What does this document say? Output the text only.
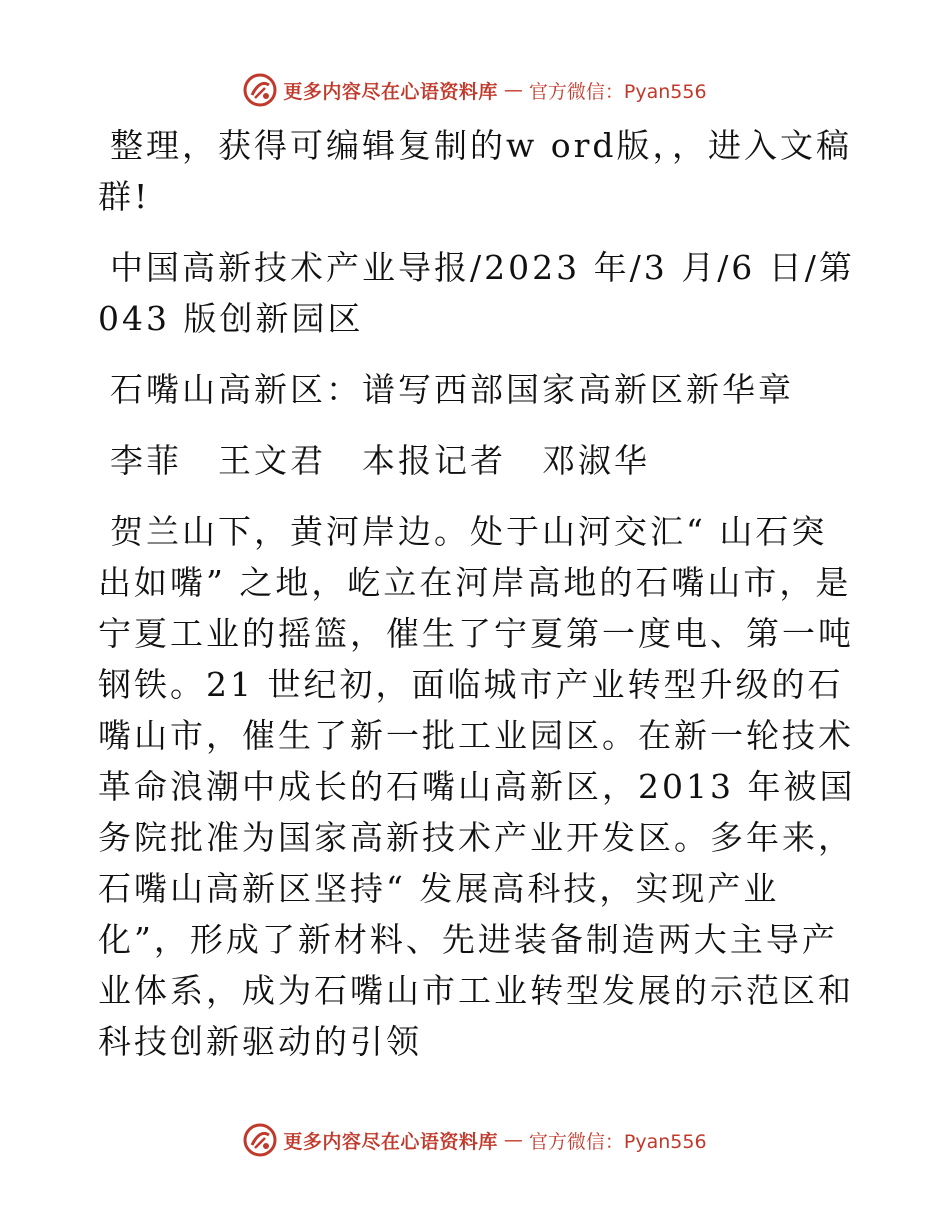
更多内容尽在心语资料库 — 官方微信：Pyan556

整理，获得可编辑复制的w ord版，，进入文稿群!

中国高新技术产业导报/2023 年/3 月/6 日/第043 版创新园区

石嘴山高新区：谱写西部国家高新区新华章

李菲　王文君　本报记者　邓淑华

贺兰山下，黄河岸边。处于山河交汇“ 山石突出如嘴” 之地，屹立在河岸高地的石嘴山市，是宁夏工业的摇篮，催生了宁夏第一度电、第一吨钢铁。21 世纪初，面临城市产业转型升级的石嘴山市，催生了新一批工业园区。在新一轮技术革命浪潮中成长的石嘴山高新区，2013 年被国务院批准为国家高新技术产业开发区。多年来，石嘴山高新区坚持“ 发展高科技，实现产业化”，形成了新材料、先进装备制造两大主导产业体系，成为石嘴山市工业转型发展的示范区和科技创新驱动的引领

更多内容尽在心语资料库 — 官方微信：Pyan556
